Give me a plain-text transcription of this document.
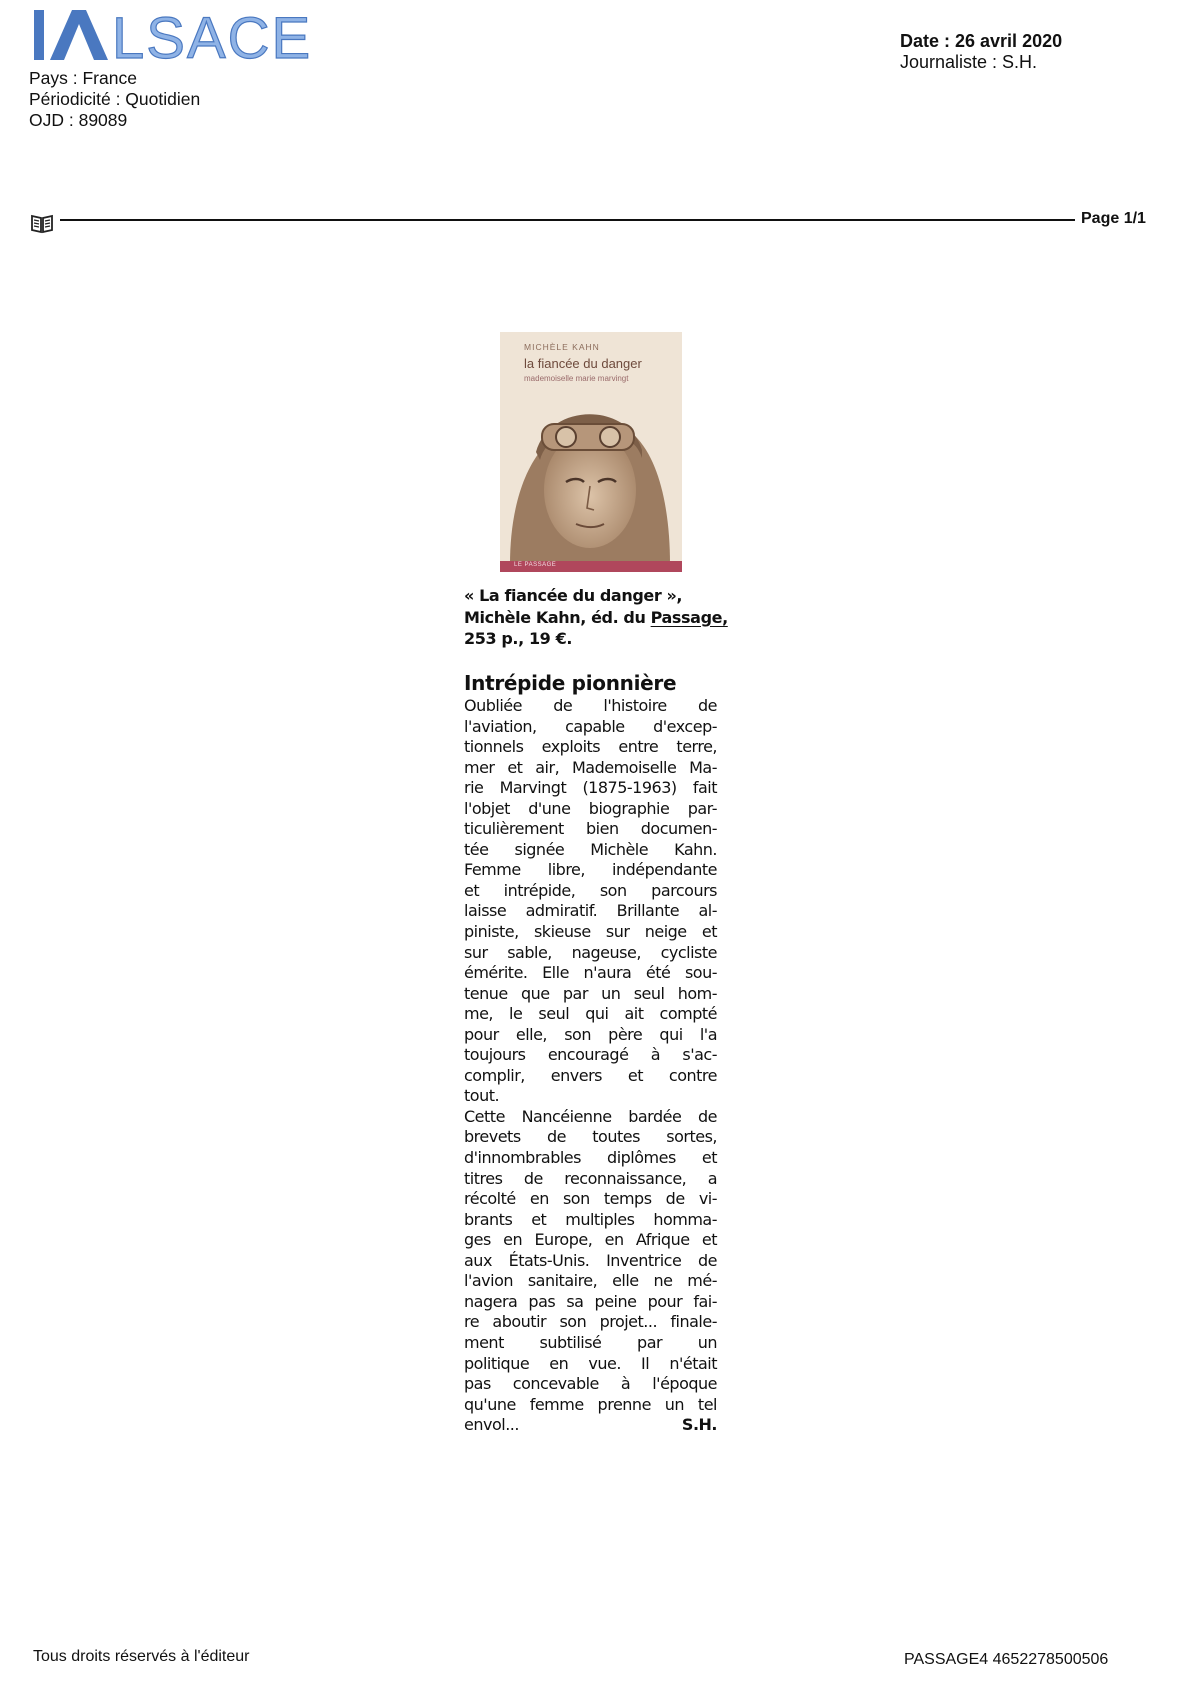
LSACE
Pays : France
Périodicité : Quotidien
OJD : 89089
Date : 26 avril 2020
Journaliste : S.H.
Page 1/1
MICHÈLE KAHN
la fiancée du danger
mademoiselle marie marvingt
LE PASSAGE
« La fiancée du danger »,
Michèle Kahn, éd. du Passage,
253 p., 19 €.
Intrépide pionnière
Oubliée de l'histoire de
l'aviation, capable d'excep-
tionnels exploits entre terre,
mer et air, Mademoiselle Ma-
rie Marvingt (1875-1963) fait
l'objet d'une biographie par-
ticulièrement bien documen-
tée signée Michèle Kahn.
Femme libre, indépendante
et intrépide, son parcours
laisse admiratif. Brillante al-
piniste, skieuse sur neige et
sur sable, nageuse, cycliste
émérite. Elle n'aura été sou-
tenue que par un seul hom-
me, le seul qui ait compté
pour elle, son père qui l'a
toujours encouragé à s'ac-
complir, envers et contre
tout.
Cette Nancéienne bardée de
brevets de toutes sortes,
d'innombrables diplômes et
titres de reconnaissance, a
récolté en son temps de vi-
brants et multiples homma-
ges en Europe, en Afrique et
aux États-Unis. Inventrice de
l'avion sanitaire, elle ne mé-
nagera pas sa peine pour fai-
re aboutir son projet... finale-
ment subtilisé par un
politique en vue. Il n'était
pas concevable à l'époque
qu'une femme prenne un tel
envol...	S.H.
Tous droits réservés à l'éditeur	PASSAGE4 4652278500506
